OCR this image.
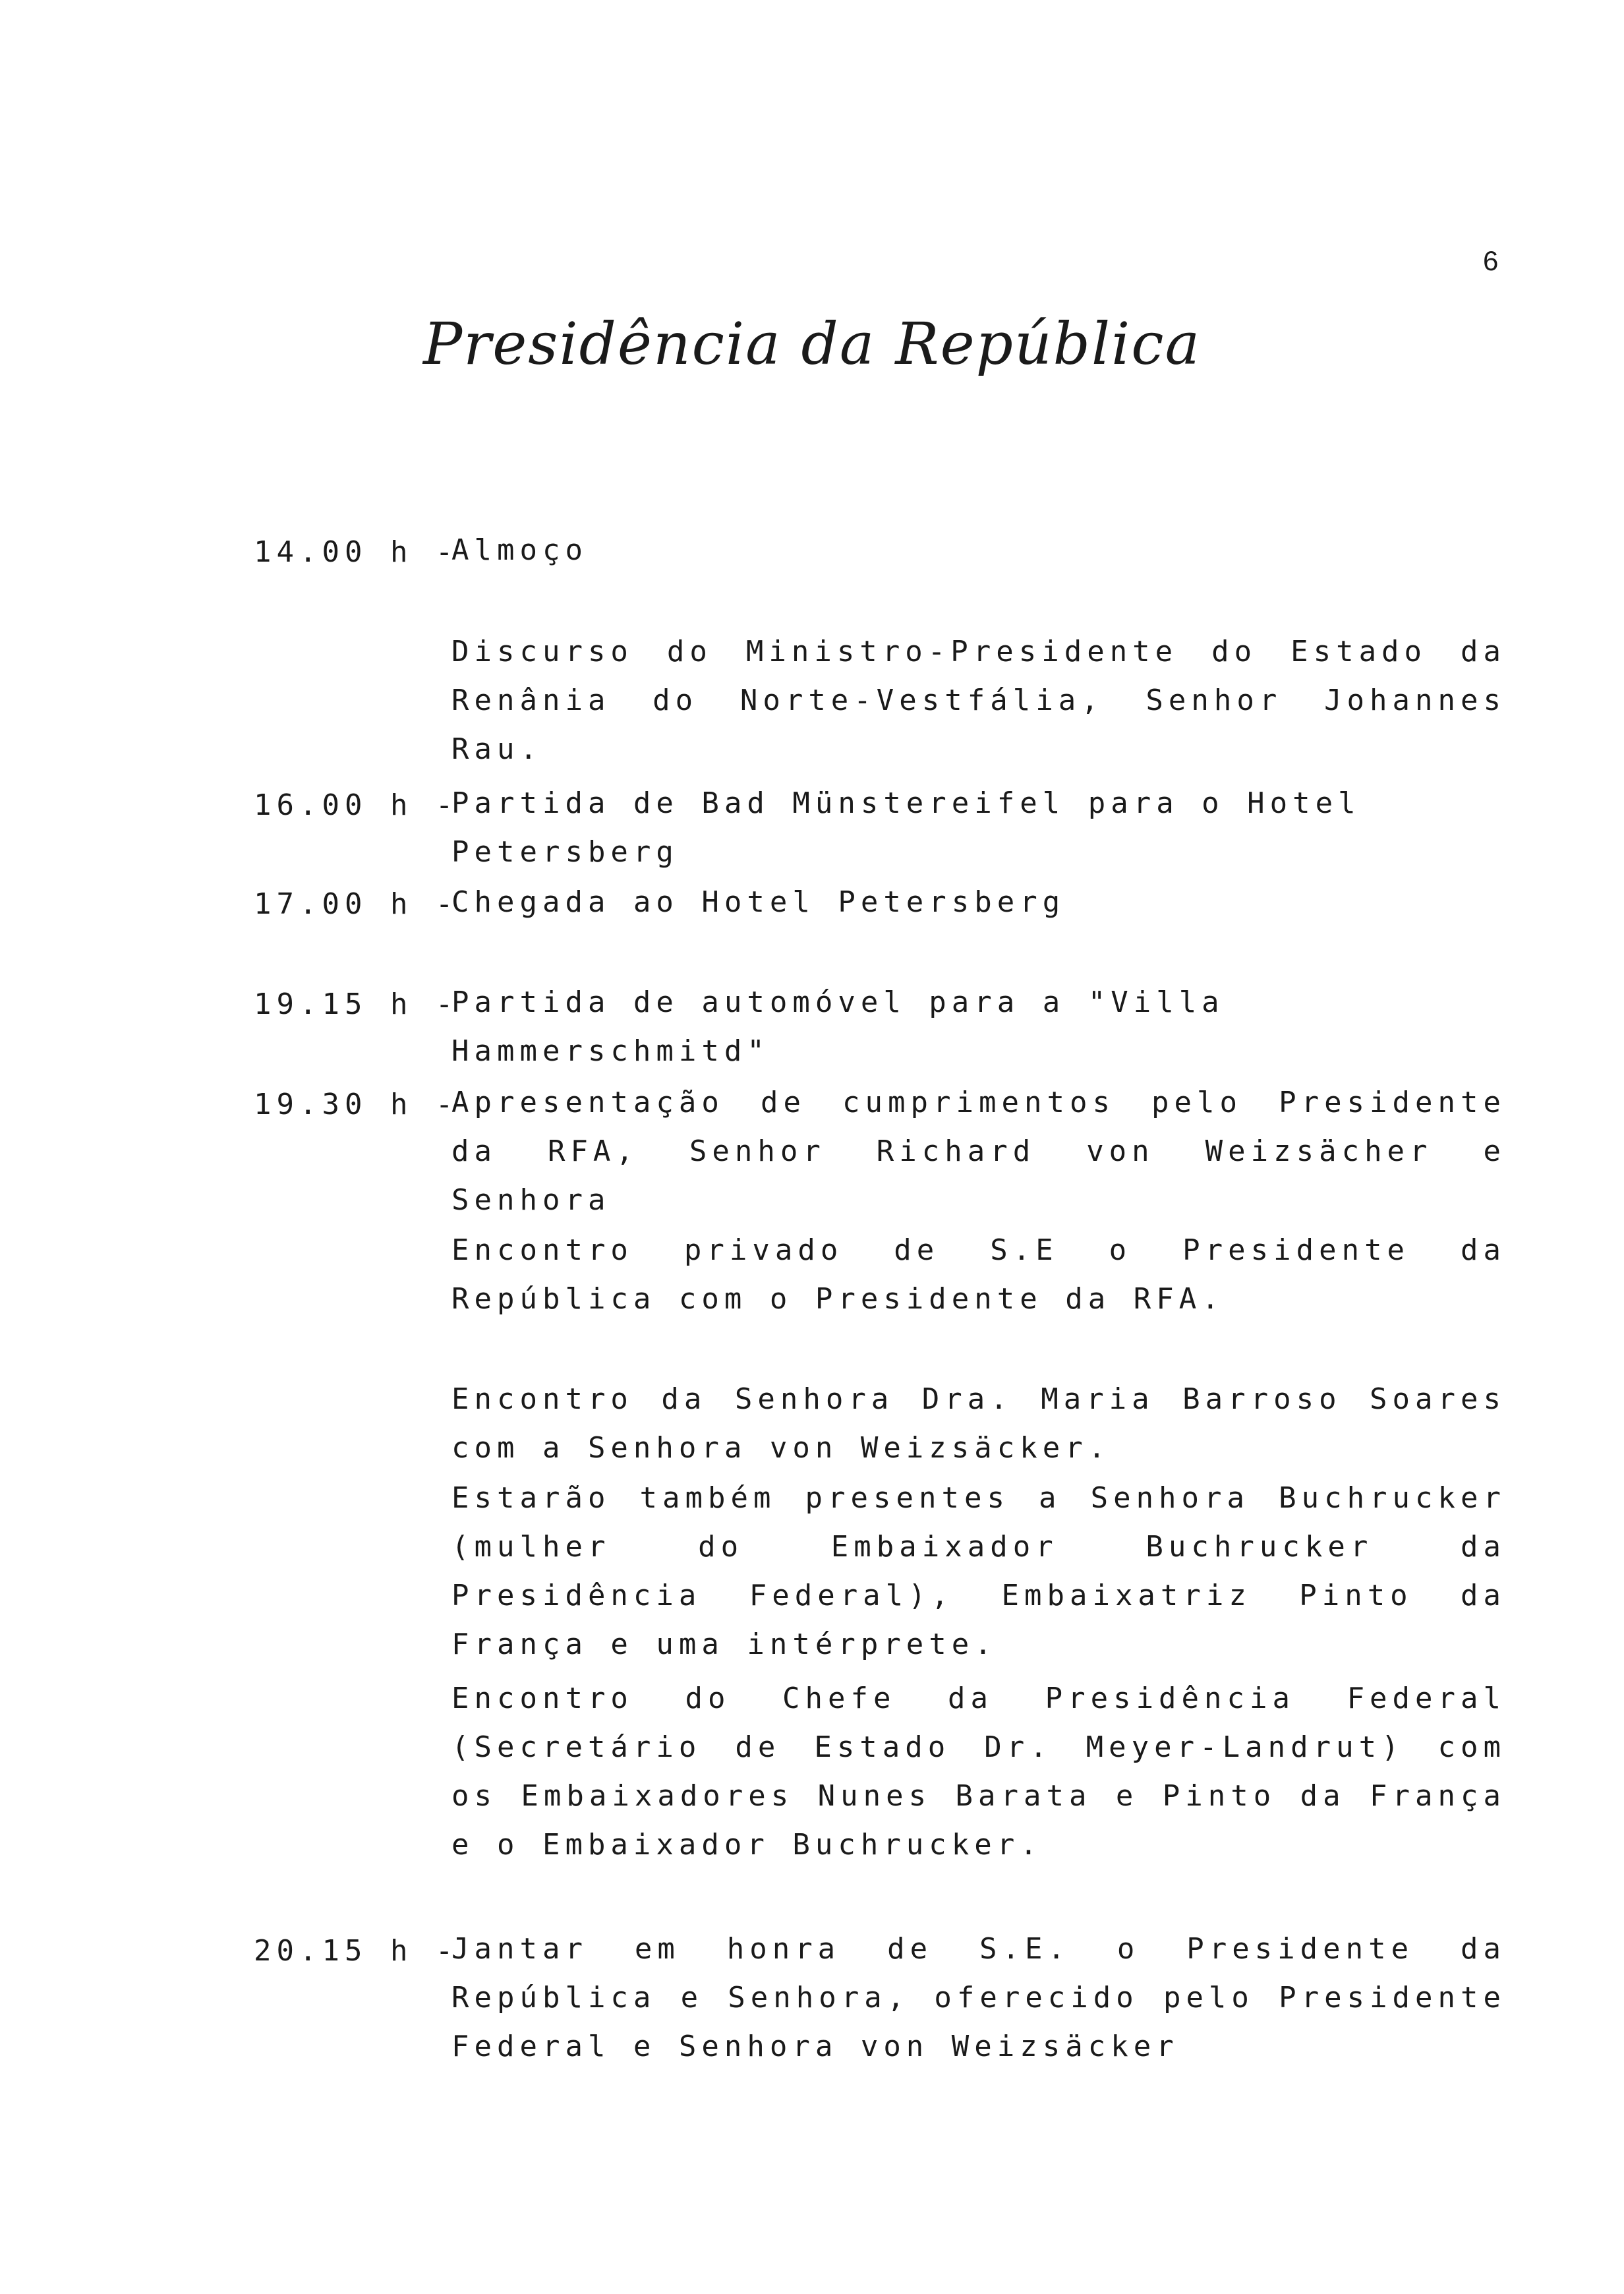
6
Presidência da República
14.00 h -
Almoço
Discurso do Ministro-Presidente do Estado da Renânia do Norte-Vestfália, Senhor Johannes Rau.
16.00 h -
Partida de Bad Münstereifel para o Hotel Petersberg
17.00 h -
Chegada ao Hotel Petersberg
19.15 h -
Partida de automóvel para a "Villa Hammerschmitd"
19.30 h -
Apresentação de cumprimentos pelo Presidente da RFA, Senhor Richard von Weizsächer e Senhora
Encontro privado de S.E o Presidente da República com o Presidente da RFA.
Encontro da Senhora Dra. Maria Barroso Soares com a Senhora von Weizsäcker.
Estarão também presentes a Senhora Buchrucker (mulher do Embaixador Buchrucker da Presidência Federal), Embaixatriz Pinto da França e uma intérprete.
Encontro do Chefe da Presidência Federal (Secretário de Estado Dr. Meyer-Landrut) com os Embaixadores Nunes Barata e Pinto da França e o Embaixador Buchrucker.
20.15 h -
Jantar em honra de S.E. o Presidente da República e Senhora, oferecido pelo Presidente Federal e Senhora von Weizsäcker
